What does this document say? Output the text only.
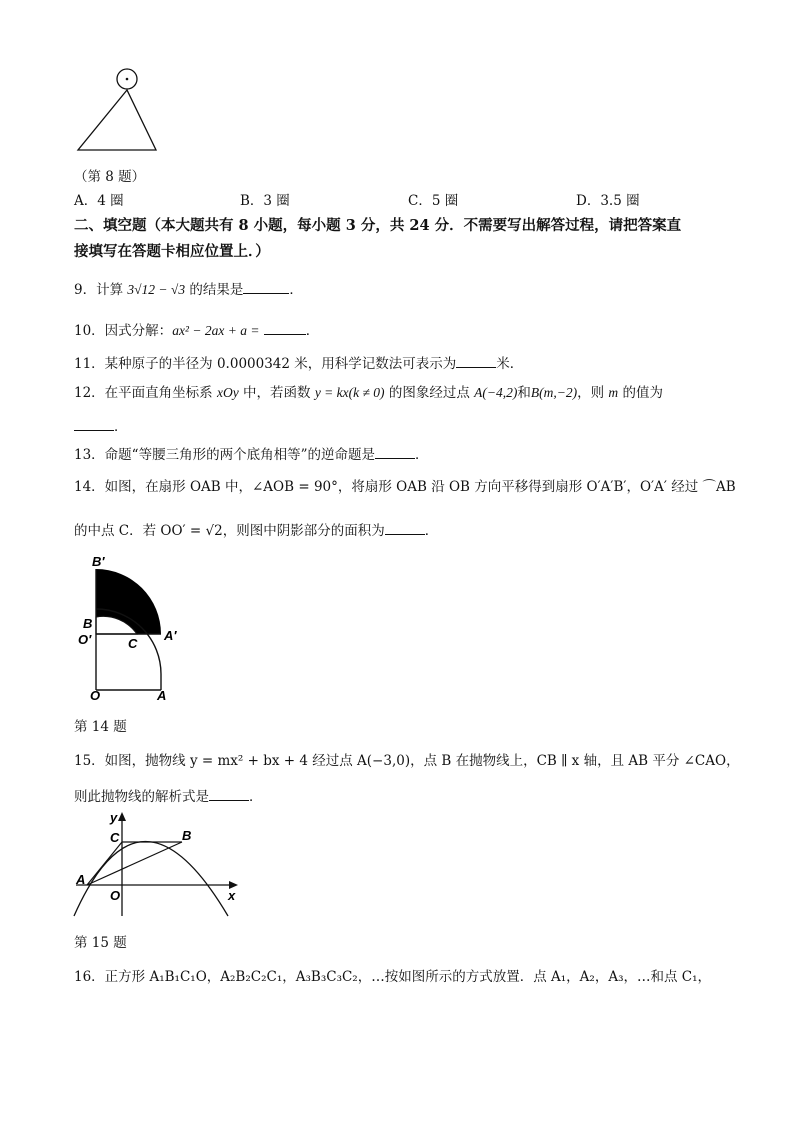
（第 8 题）
A．4 圈	B．3 圈	C．5 圈	D．3.5 圈
二、填空题（本大题共有 8 小题，每小题 3 分，共 24 分．不需要写出解答过程，请把答案直
接填写在答题卡相应位置上．）
9．计算 3√12 − √3 的结果是	．
10．因式分解：ax² − 2ax + a =	．
11．某种原子的半径为 0.0000342 米，用科学记数法可表示为	米．
12．在平面直角坐标系 xOy 中，若函数 y = kx(k ≠ 0) 的图象经过点 A(−4,2)和B(m,−2)，则 m 的值为
．
13．命题“等腰三角形的两个底角相等”的逆命题是	．
14．如图，在扇形 OAB 中，∠AOB = 90°，将扇形 OAB 沿 OB 方向平移得到扇形 O′A′B′，O′A′ 经过 ⌒AB
的中点 C．若 OO′ = √2，则图中阴影部分的面积为	．
B′
B
O′	C
A′
O	A
第 14 题
15．如图，抛物线 y = mx² + bx + 4 经过点 A(−3,0)，点 B 在抛物线上，CB ∥ x 轴，且 AB 平分 ∠CAO，
则此抛物线的解析式是	．
y
C	B
A
O	x
第 15 题
16．正方形 A₁B₁C₁O，A₂B₂C₂C₁，A₃B₃C₃C₂，…按如图所示的方式放置．点 A₁，A₂，A₃，…和点 C₁，
